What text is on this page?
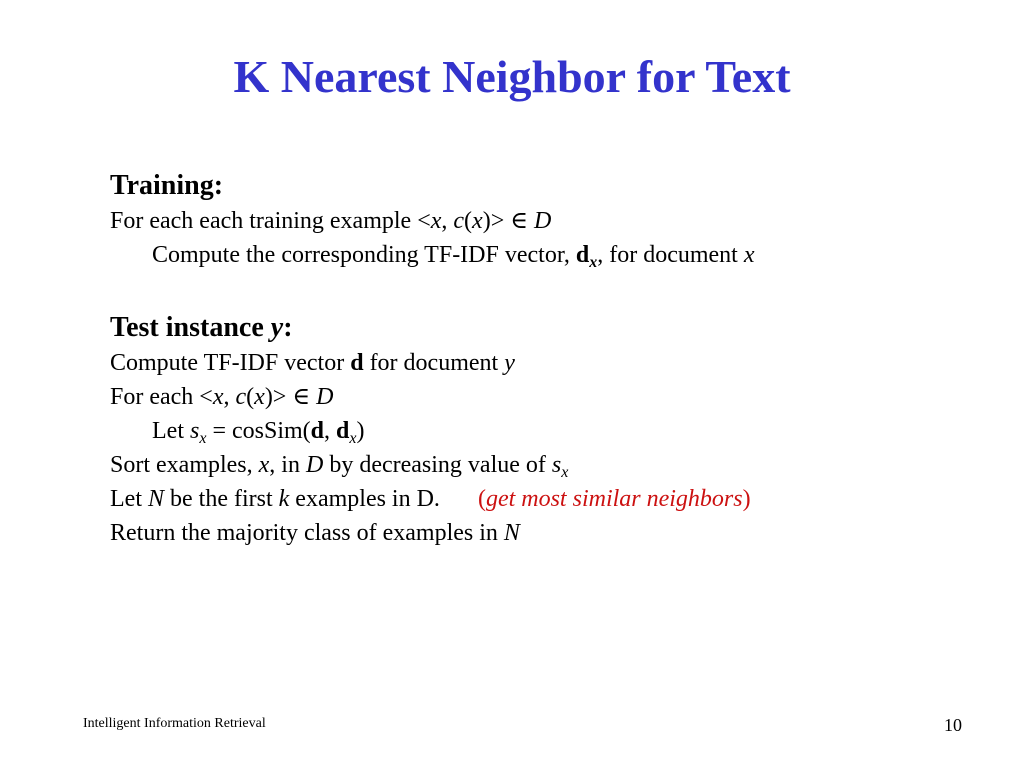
K Nearest Neighbor for Text
Training:
For each each training example <x, c(x)> ∈ D
Compute the corresponding TF-IDF vector, $d_x$, for document x
Test instance y:
Compute TF-IDF vector d for document y
For each <x, c(x)> ∈ D
Let $s_x$ = cosSim(d, $d_x$)
Sort examples, x, in D by decreasing value of $s_x$
Let N be the first k examples in D. (get most similar neighbors)
Return the majority class of examples in N
Intelligent Information Retrieval	10
